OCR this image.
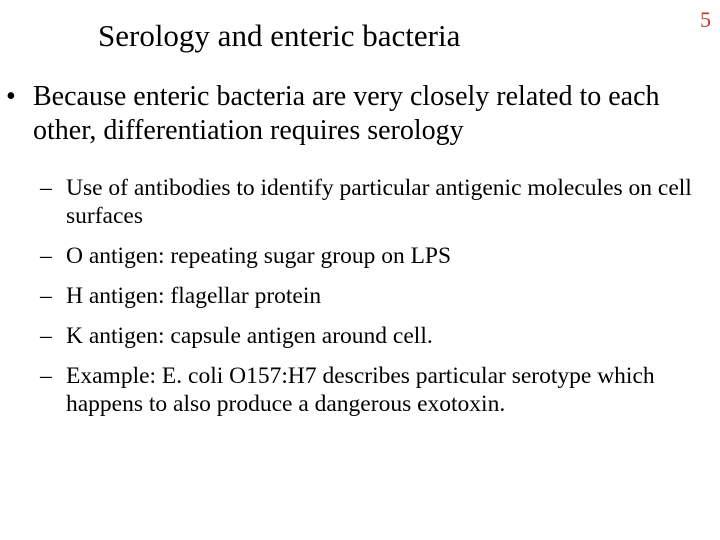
Serology and enteric bacteria	5
• Because enteric bacteria are very closely related to each other, differentiation requires serology
– Use of antibodies to identify particular antigenic molecules on cell surfaces
– O antigen: repeating sugar group on LPS
– H antigen: flagellar protein
– K antigen: capsule antigen around cell.
– Example: E. coli O157:H7 describes particular serotype which happens to also produce a dangerous exotoxin.
